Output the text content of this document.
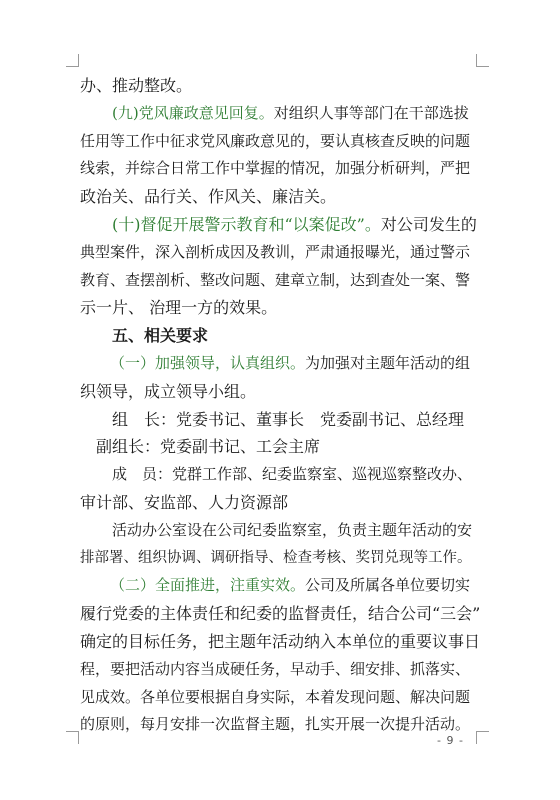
办、推动整改。
(九)党风廉政意见回复。对组织人事等部门在干部选拔
任用等工作中征求党风廉政意见的，要认真核查反映的问题
线索，并综合日常工作中掌握的情况，加强分析研判，严把
政治关、品行关、作风关、廉洁关。
(十)督促开展警示教育和“以案促改”。对公司发生的
典型案件，深入剖析成因及教训，严肃通报曝光，通过警示
教育、查摆剖析、整改问题、建章立制，达到查处一案、警
示一片、 治理一方的效果。
五、相关要求
（一）加强领导，认真组织。为加强对主题年活动的组
织领导，成立领导小组。
组　长：党委书记、董事长　党委副书记、总经理
副组长：党委副书记、工会主席
成　员：党群工作部、纪委监察室、巡视巡察整改办、
审计部、安监部、人力资源部
活动办公室设在公司纪委监察室，负责主题年活动的安
排部署、组织协调、调研指导、检查考核、奖罚兑现等工作。
（二）全面推进，注重实效。公司及所属各单位要切实
履行党委的主体责任和纪委的监督责任，结合公司“三会”
确定的目标任务，把主题年活动纳入本单位的重要议事日
程，要把活动内容当成硬任务，早动手、细安排、抓落实、
见成效。各单位要根据自身实际，本着发现问题、解决问题
的原则，每月安排一次监督主题，扎实开展一次提升活动。
- 9 -
